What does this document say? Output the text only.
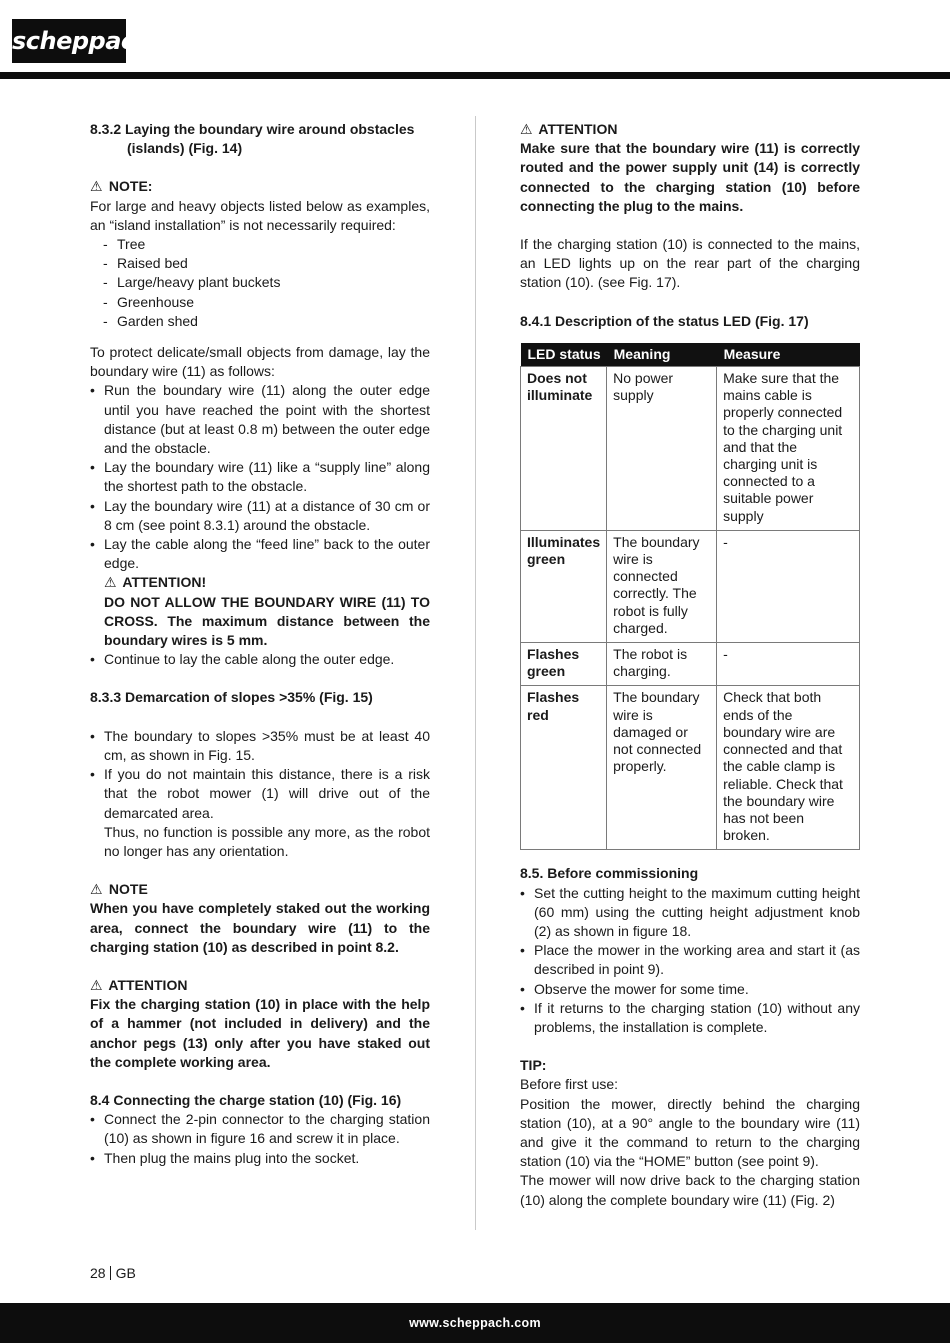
scheppach
8.3.2 Laying the boundary wire around obstacles
(islands) (Fig. 14)
⚠ NOTE:

For large and heavy objects listed below as examples, an “island installation” is not necessarily required:

- Tree
- Raised bed
- Large/heavy plant buckets
- Greenhouse
- Garden shed

To protect delicate/small objects from damage, lay the boundary wire (11) as follows:

• Run the boundary wire (11) along the outer edge until you have reached the point with the shortest distance (but at least 0.8 m) between the outer edge and the obstacle.
• Lay the boundary wire (11) like a “supply line” along the shortest path to the obstacle.
• Lay the boundary wire (11) at a distance of 30 cm or 8 cm (see point 8.3.1) around the obstacle.
• Lay the cable along the “feed line” back to the outer edge.
⚠ ATTENTION!

DO NOT ALLOW THE BOUNDARY WIRE (11) TO CROSS. The maximum distance between the boundary wires is 5 mm.

• Continue to lay the cable along the outer edge.
8.3.3 Demarcation of slopes >35% (Fig. 15)
• The boundary to slopes >35% must be at least 40 cm, as shown in Fig. 15.
• If you do not maintain this distance, there is a risk that the robot mower (1) will drive out of the demarcated area.

Thus, no function is possible any more, as the robot no longer has any orientation.

⚠ NOTE

When you have completely staked out the working area, connect the boundary wire (11) to the charging station (10) as described in point 8.2.

⚠ ATTENTION

Fix the charging station (10) in place with the help of a hammer (not included in delivery) and the anchor pegs (13) only after you have staked out the complete working area.

8.4 Connecting the charge station (10) (Fig. 16)
• Connect the 2-pin connector to the charging station (10) as shown in figure 16 and screw it in place.
• Then plug the mains plug into the socket.
⚠ ATTENTION

Make sure that the boundary wire (11) is correctly routed and the power supply unit (14) is correctly connected to the charging station (10) before connecting the plug to the mains.

If the charging station (10) is connected to the mains, an LED lights up on the rear part of the charging station (10). (see Fig. 17).

8.4.1 Description of the status LED (Fig. 17)
LED status	Meaning	Measure
Does not illuminate	No power supply	Make sure that the mains cable is properly connected to the charging unit and that the charging unit is connected to a suitable power supply
Illuminates green	The boundary wire is connected correctly. The robot is fully charged.	-
Flashes green	The robot is charging.	-
Flashes red	The boundary wire is damaged or not connected properly.	Check that both ends of the boundary wire are connected and that the cable clamp is reliable. Check that the boundary wire has not been broken.
8.5. Before commissioning
• Set the cutting height to the maximum cutting height (60 mm) using the cutting height adjustment knob (2) as shown in figure 18.
• Place the mower in the working area and start it (as described in point 9).
• Observe the mower for some time.
• If it returns to the charging station (10) without any problems, the installation is complete.
TIP:

Before first use:

Position the mower, directly behind the charging station (10), at a 90° angle to the boundary wire (11) and give it the command to return to the charging station (10) via the “HOME” button (see point 9).

The mower will now drive back to the charging station (10) along the complete boundary wire (11) (Fig. 2)

28 GB
www.scheppach.com
